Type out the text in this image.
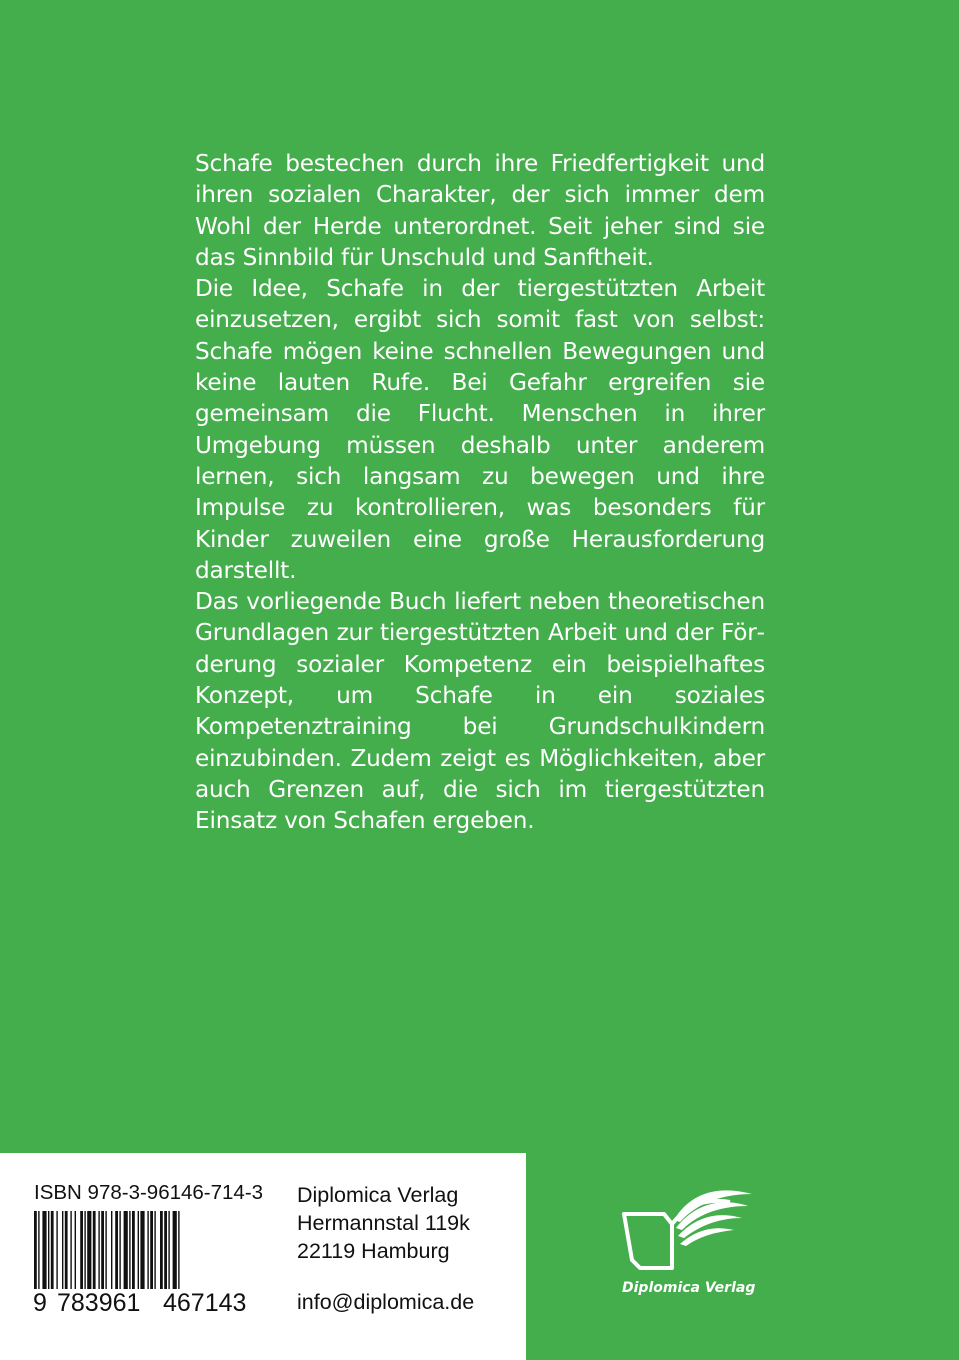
Schafe bestechen durch ihre Friedfertigkeit und ihren sozialen Charakter, der sich immer dem Wohl der Herde unterordnet. Seit jeher sind sie das Sinnbild für Unschuld und Sanftheit.

Die Idee, Schafe in der tiergestützten Arbeit einzusetzen, ergibt sich somit fast von selbst: Schafe mögen keine schnellen Bewegungen und keine lauten Rufe. Bei Gefahr ergreifen sie gemeinsam die Flucht. Menschen in ihrer Umgebung müssen deshalb unter anderem lernen, sich langsam zu bewegen und ihre Impulse zu kontrollieren, was besonders für Kinder zuweilen eine große Herausforderung darstellt.

Das vorliegende Buch liefert neben theoretischen Grundlagen zur tiergestützten Arbeit und der Förderung sozialer Kompetenz ein beispielhaftes Konzept, um Schafe in ein soziales Kompetenztraining bei Grundschulkindern einzubinden. Zudem zeigt es Möglichkeiten, aber auch Grenzen auf, die sich im tiergestützten Einsatz von Schafen ergeben.

ISBN 978-3-96146-714-3
9 783961 467143
Diplomica Verlag
Hermannstal 119k
22119 Hamburg
info@diplomica.de
Diplomica Verlag
